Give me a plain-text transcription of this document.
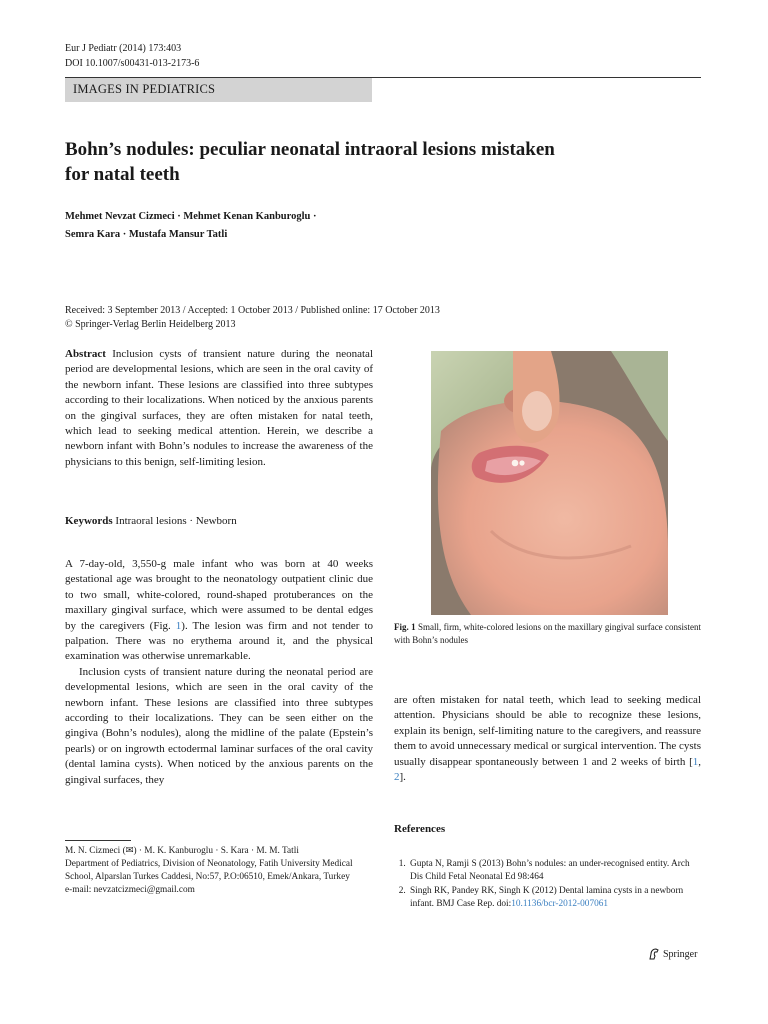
Eur J Pediatr (2014) 173:403
DOI 10.1007/s00431-013-2173-6
IMAGES IN PEDIATRICS
Bohn’s nodules: peculiar neonatal intraoral lesions mistaken
for natal teeth
Mehmet Nevzat Cizmeci · Mehmet Kenan Kanburoglu ·
Semra Kara · Mustafa Mansur Tatli
Received: 3 September 2013 / Accepted: 1 October 2013 / Published online: 17 October 2013
© Springer-Verlag Berlin Heidelberg 2013

Abstract Inclusion cysts of transient nature during the neonatal period are developmental lesions, which are seen in the oral cavity of the newborn infant. These lesions are classified into three subtypes according to their localizations. When noticed by the anxious parents on the gingival surfaces, they are often mistaken for natal teeth, which lead to seeking medical attention. Herein, we describe a newborn infant with Bohn’s nodules to increase the awareness of the physicians to this benign, self-limiting lesion.

Keywords Intraoral lesions · Newborn

A 7-day-old, 3,550-g male infant who was born at 40 weeks gestational age was brought to the neonatology outpatient clinic due to two small, white-colored, round-shaped protuberances on the maxillary gingival surface, which were assumed to be dental edges by the caregivers (Fig. 1). The lesion was firm and not tender to palpation. There was no erythema around it, and the physical examination was otherwise unremarkable.

Inclusion cysts of transient nature during the neonatal period are developmental lesions, which are seen in the oral cavity of the newborn infant. These lesions are classified into three subtypes according to their localizations. They can be seen either on the gingiva (Bohn’s nodules), along the midline of the palate (Epstein’s pearls) or on ingrowth ectodermal laminar surfaces of the oral cavity (dental lamina cysts). When noticed by the anxious parents on the gingival surfaces, they

Fig. 1 Small, firm, white-colored lesions on the maxillary gingival surface consistent with Bohn’s nodules

are often mistaken for natal teeth, which lead to seeking medical attention. Physicians should be able to recognize these lesions, explain its benign, self-limiting nature to the caregivers, and reassure them to avoid unnecessary medical or surgical intervention. The cysts usually disappear spontaneously between 1 and 2 weeks of birth [1, 2].

References
1. Gupta N, Ramji S (2013) Bohn’s nodules: an under-recognised entity. Arch Dis Child Fetal Neonatal Ed 98:464
2. Singh RK, Pandey RK, Singh K (2012) Dental lamina cysts in a newborn infant. BMJ Case Rep. doi:10.1136/bcr-2012-007061
M. N. Cizmeci (✉) · M. K. Kanburoglu · S. Kara · M. M. Tatli
Department of Pediatrics, Division of Neonatology, Fatih University Medical School, Alparslan Turkes Caddesi, No:57, P.O:06510, Emek/Ankara, Turkey
e-mail: nevzatcizmeci@gmail.com
Springer
